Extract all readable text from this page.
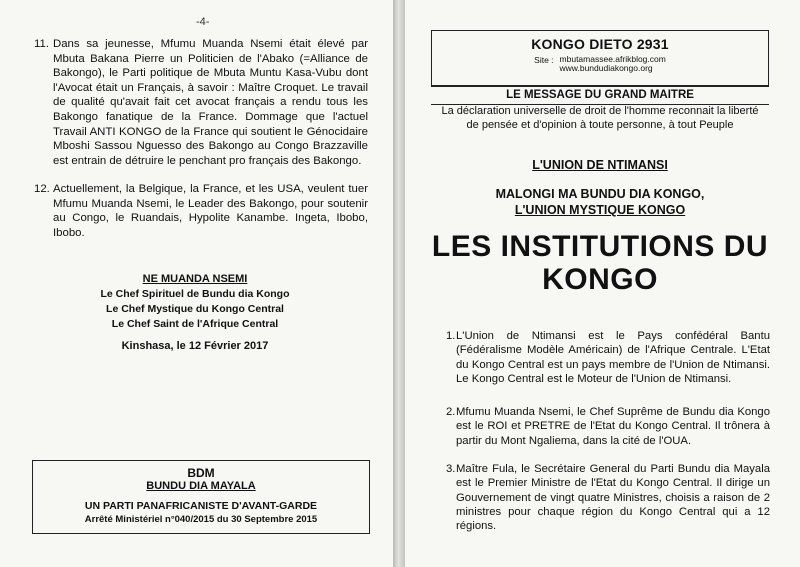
-4-
11. Dans sa jeunesse, Mfumu Muanda Nsemi était élevé par Mbuta Bakana Pierre un Politicien de l'Abako (=Alliance de Bakongo), le Parti politique de Mbuta Muntu Kasa-Vubu dont l'Avocat était un Français, à savoir : Maître Croquet. Le travail de qualité qu'avait fait cet avocat français a rendu tous les Bakongo fanatique de la France. Dommage que l'actuel Travail ANTI KONGO de la France qui soutient le Génocidaire Mboshi Sassou Nguesso des Bakongo au Congo Brazzaville est entrain de détruire le penchant pro français des Bakongo.
12. Actuellement, la Belgique, la France, et les USA, veulent tuer Mfumu Muanda Nsemi, le Leader des Bakongo, pour soutenir au Congo, le Ruandais, Hypolite Kanambe. Ingeta, Ibobo, Ibobo.
NE MUANDA NSEMI
Le Chef Spirituel de Bundu dia Kongo
Le Chef Mystique du Kongo Central
Le Chef Saint de l'Afrique Central
Kinshasa, le 12 Février 2017
BDM
BUNDU DIA MAYALA
UN PARTI PANAFRICANISTE D'AVANT-GARDE
Arrêté Ministériel n°040/2015 du 30 Septembre 2015
KONGO DIETO 2931
Site : mbutamassee.afrikblog.com
www.bundudiakongo.org
LE MESSAGE DU GRAND MAITRE
La déclaration universelle de droit de l'homme reconnait la liberté de pensée et d'opinion à toute personne, à tout Peuple
L'UNION DE NTIMANSI
MALONGI MA BUNDU DIA KONGO,
L'UNION MYSTIQUE KONGO
LES INSTITUTIONS DU KONGO
1. L'Union de Ntimansi est le Pays confédéral Bantu (Fédéralisme Modèle Américain) de l'Afrique Centrale. L'Etat du Kongo Central est un pays membre de l'Union de Ntimansi. Le Kongo Central est le Moteur de l'Union de Ntimansi.
2. Mfumu Muanda Nsemi, le Chef Suprême de Bundu dia Kongo est le ROI et PRETRE de l'Etat du Kongo Central. Il trônera à partir du Mont Ngaliema, dans la cité de l'OUA.
3. Maître Fula, le Secrétaire General du Parti Bundu dia Mayala est le Premier Ministre de l'Etat du Kongo Central. Il dirige un Gouvernement de vingt quatre Ministres, choisis a raison de 2 ministres pour chaque région du Kongo Central qui a 12 régions.
